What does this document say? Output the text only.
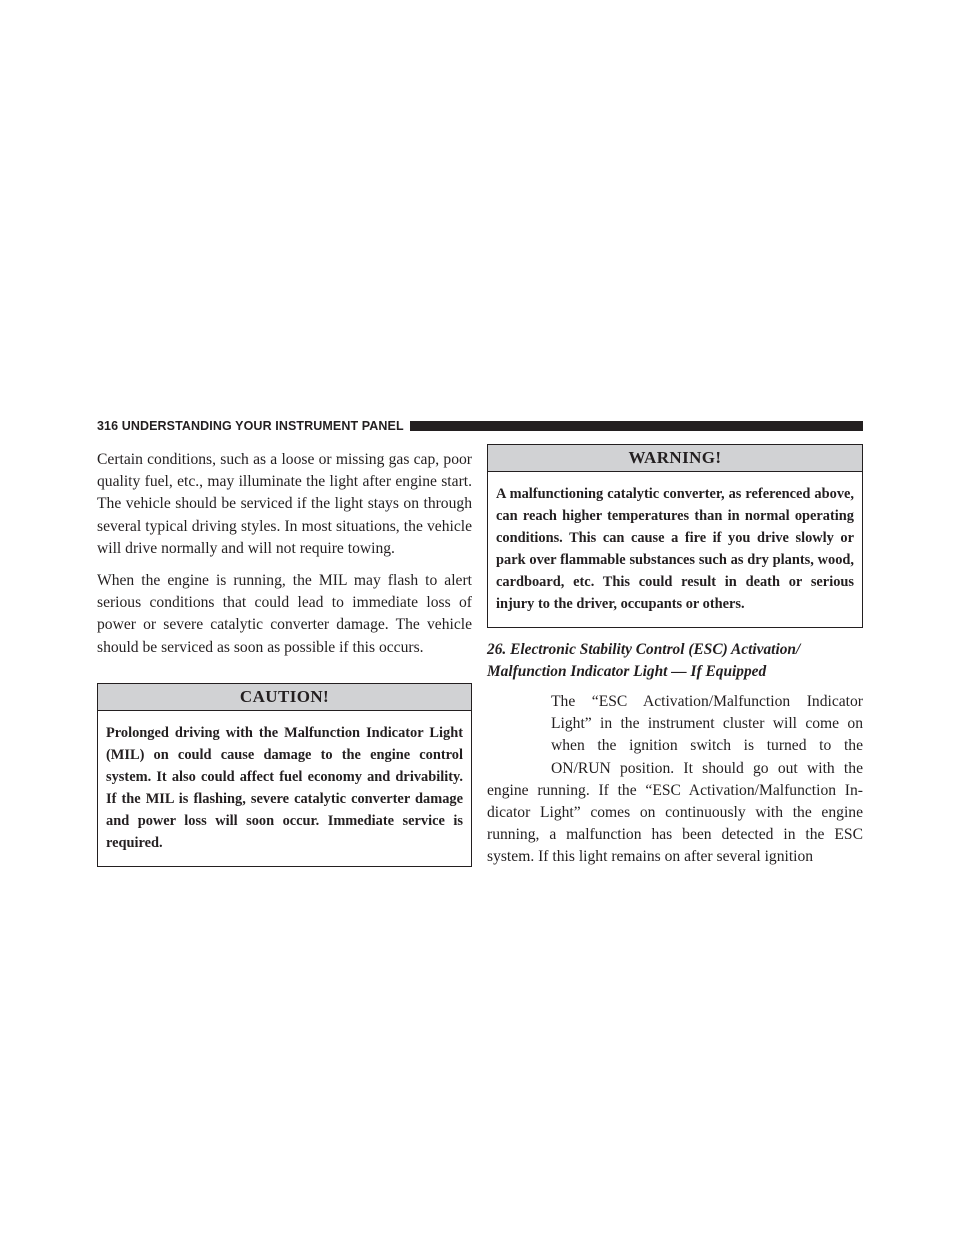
316 UNDERSTANDING YOUR INSTRUMENT PANEL

Certain conditions, such as a loose or missing gas cap, poor quality fuel, etc., may illuminate the light after engine start. The vehicle should be serviced if the light stays on through several typical driving styles. In most situations, the vehicle will drive normally and will not require towing.

When the engine is running, the MIL may flash to alert serious conditions that could lead to immediate loss of power or severe catalytic converter damage. The vehicle should be serviced as soon as possible if this occurs.

CAUTION!
Prolonged driving with the Malfunction Indicator Light (MIL) on could cause damage to the engine control system. It also could affect fuel economy and drivability. If the MIL is flashing, severe catalytic converter damage and power loss will soon occur. Immediate service is required.
WARNING!
A malfunctioning catalytic converter, as referenced above, can reach higher temperatures than in normal operating conditions. This can cause a fire if you drive slowly or park over flammable substances such as dry plants, wood, cardboard, etc. This could result in death or serious injury to the driver, occupants or others.
26. Electronic Stability Control (ESC) Activation/
Malfunction Indicator Light — If Equipped

The “ESC Activation/Malfunction Indicator Light” in the instrument cluster will come on when the ignition switch is turned to the ON/RUN position. It should go out with the engine running. If the “ESC Activation/Malfunction Indicator Light” comes on continuously with the engine running, a malfunction has been detected in the ESC system. If this light remains on after several ignition
